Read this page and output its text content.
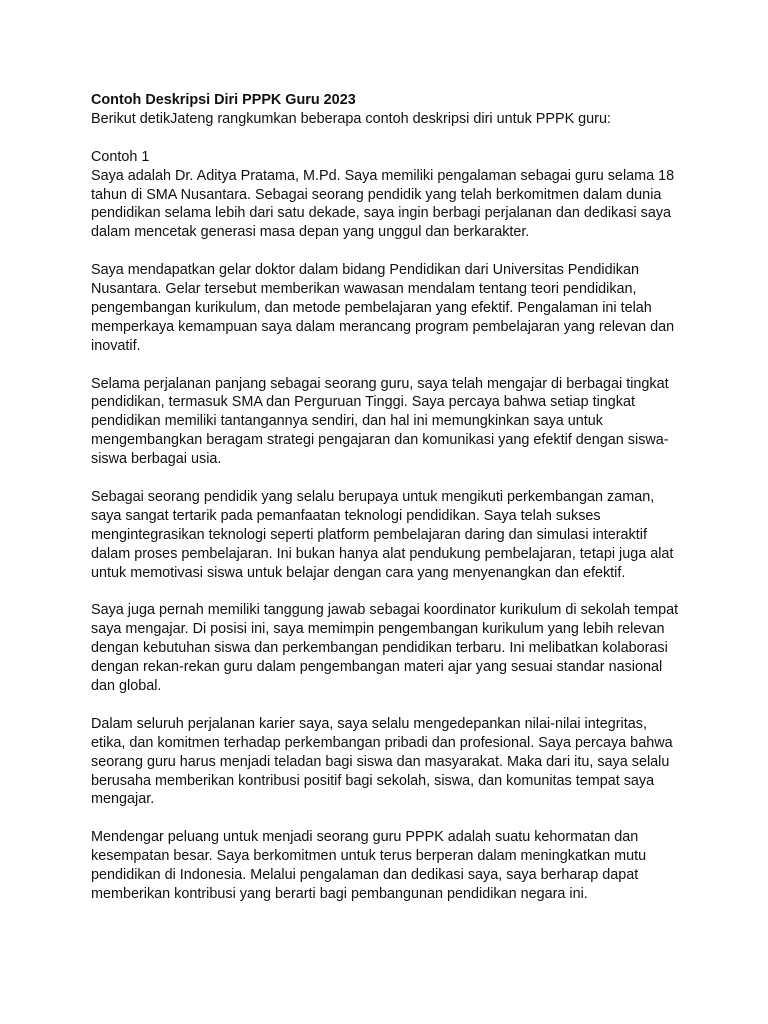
Contoh Deskripsi Diri PPPK Guru 2023

Berikut detikJateng rangkumkan beberapa contoh deskripsi diri untuk PPPK guru:

Contoh 1

Saya adalah Dr. Aditya Pratama, M.Pd. Saya memiliki pengalaman sebagai guru selama 18 tahun di SMA Nusantara. Sebagai seorang pendidik yang telah berkomitmen dalam dunia pendidikan selama lebih dari satu dekade, saya ingin berbagi perjalanan dan dedikasi saya dalam mencetak generasi masa depan yang unggul dan berkarakter.

Saya mendapatkan gelar doktor dalam bidang Pendidikan dari Universitas Pendidikan Nusantara. Gelar tersebut memberikan wawasan mendalam tentang teori pendidikan, pengembangan kurikulum, dan metode pembelajaran yang efektif. Pengalaman ini telah memperkaya kemampuan saya dalam merancang program pembelajaran yang relevan dan inovatif.

Selama perjalanan panjang sebagai seorang guru, saya telah mengajar di berbagai tingkat pendidikan, termasuk SMA dan Perguruan Tinggi. Saya percaya bahwa setiap tingkat pendidikan memiliki tantangannya sendiri, dan hal ini memungkinkan saya untuk mengembangkan beragam strategi pengajaran dan komunikasi yang efektif dengan siswa-siswa berbagai usia.

Sebagai seorang pendidik yang selalu berupaya untuk mengikuti perkembangan zaman, saya sangat tertarik pada pemanfaatan teknologi pendidikan. Saya telah sukses mengintegrasikan teknologi seperti platform pembelajaran daring dan simulasi interaktif dalam proses pembelajaran. Ini bukan hanya alat pendukung pembelajaran, tetapi juga alat untuk memotivasi siswa untuk belajar dengan cara yang menyenangkan dan efektif.

Saya juga pernah memiliki tanggung jawab sebagai koordinator kurikulum di sekolah tempat saya mengajar. Di posisi ini, saya memimpin pengembangan kurikulum yang lebih relevan dengan kebutuhan siswa dan perkembangan pendidikan terbaru. Ini melibatkan kolaborasi dengan rekan-rekan guru dalam pengembangan materi ajar yang sesuai standar nasional dan global.

Dalam seluruh perjalanan karier saya, saya selalu mengedepankan nilai-nilai integritas, etika, dan komitmen terhadap perkembangan pribadi dan profesional. Saya percaya bahwa seorang guru harus menjadi teladan bagi siswa dan masyarakat. Maka dari itu, saya selalu berusaha memberikan kontribusi positif bagi sekolah, siswa, dan komunitas tempat saya mengajar.

Mendengar peluang untuk menjadi seorang guru PPPK adalah suatu kehormatan dan kesempatan besar. Saya berkomitmen untuk terus berperan dalam meningkatkan mutu pendidikan di Indonesia. Melalui pengalaman dan dedikasi saya, saya berharap dapat memberikan kontribusi yang berarti bagi pembangunan pendidikan negara ini.
